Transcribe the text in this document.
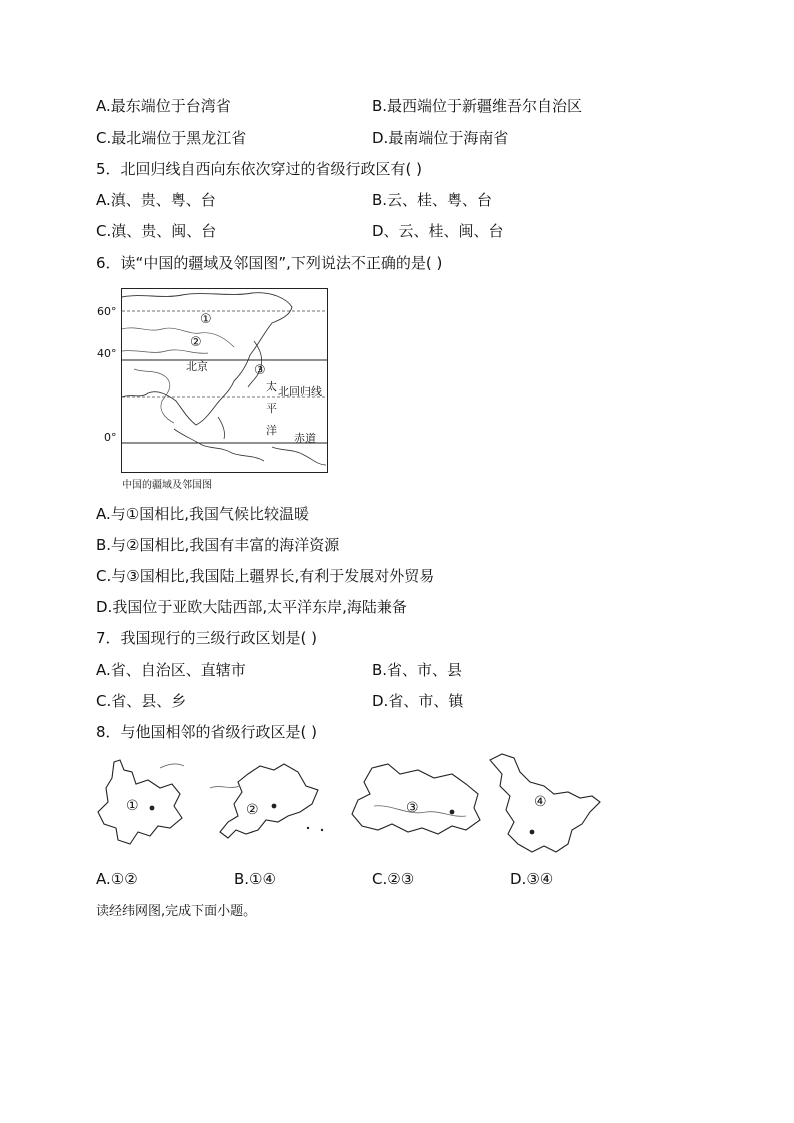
A.最东端位于台湾省	B.最西端位于新疆维吾尔自治区
C.最北端位于黑龙江省	D.最南端位于海南省
5．北回归线自西向东依次穿过的省级行政区有( )
A.滇、贵、粤、台	B.云、桂、粤、台
C.滇、贵、闽、台	D、云、桂、闽、台
6．读“中国的疆域及邻国图”,下列说法不正确的是( )
60°
40°
0°
①
②
③
北京
北回归线
太
平
洋
赤道
中国的疆域及邻国图
A.与①国相比,我国气候比较温暖
B.与②国相比,我国有丰富的海洋资源
C.与③国相比,我国陆上疆界长,有利于发展对外贸易
D.我国位于亚欧大陆西部,太平洋东岸,海陆兼备
7．我国现行的三级行政区划是( )
A.省、自治区、直辖市	B.省、市、县
C.省、县、乡	D.省、市、镇
8．与他国相邻的省级行政区是( )
①	②	③	④
A.①②	B.①④	C.②③	D.③④
读经纬网图,完成下面小题。
